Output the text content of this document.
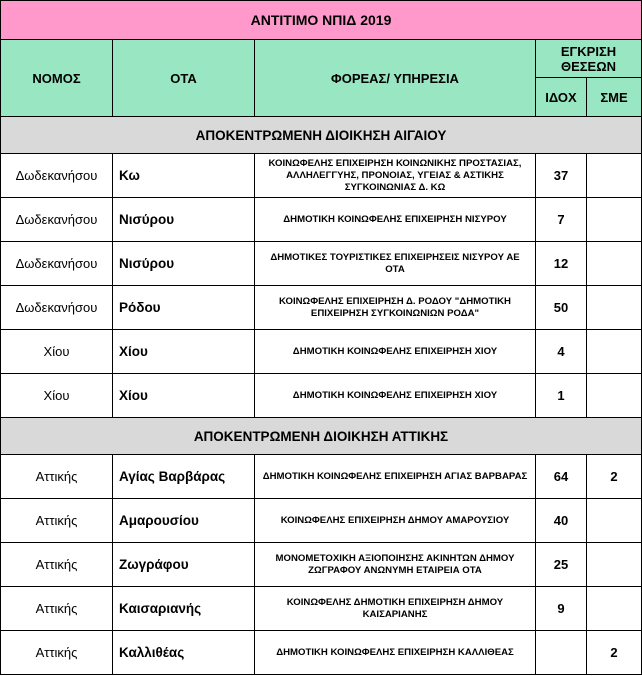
ΑΝΤΙΤΙΜΟ ΝΠΙΔ 2019				
ΝΟΜΟΣ	ΟΤΑ	ΦΟΡΕΑΣ/ ΥΠΗΡΕΣΙΑ	ΕΓΚΡΙΣΗ ΘΕΣΕΩΝ	
			ΙΔΟΧ	ΣΜΕ
ΑΠΟΚΕΝΤΡΩΜΕΝΗ ΔΙΟΙΚΗΣΗ ΑΙΓΑΙΟΥ				
Δωδεκανήσου	Κω	ΚΟΙΝΩΦΕΛΗΣ ΕΠΙΧΕΙΡΗΣΗ ΚΟΙΝΩΝΙΚΗΣ ΠΡΟΣΤΑΣΙΑΣ, ΑΛΛΗΛΕΓΓΥΗΣ, ΠΡΟΝΟΙΑΣ, ΥΓΕΙΑΣ & ΑΣΤΙΚΗΣ ΣΥΓΚΟΙΝΩΝΙΑΣ Δ. ΚΩ	37	
Δωδεκανήσου	Νισύρου	ΔΗΜΟΤΙΚΗ ΚΟΙΝΩΦΕΛΗΣ ΕΠΙΧΕΙΡΗΣΗ ΝΙΣΥΡΟΥ	7	
Δωδεκανήσου	Νισύρου	ΔΗΜΟΤΙΚΕΣ ΤΟΥΡΙΣΤΙΚΕΣ ΕΠΙΧΕΙΡΗΣΕΙΣ ΝΙΣΥΡΟΥ ΑΕ ΟΤΑ	12	
Δωδεκανήσου	Ρόδου	ΚΟΙΝΩΦΕΛΗΣ ΕΠΙΧΕΙΡΗΣΗ Δ. ΡΟΔΟΥ "ΔΗΜΟΤΙΚΗ ΕΠΙΧΕΙΡΗΣΗ ΣΥΓΚΟΙΝΩΝΙΩΝ ΡΟΔΑ"	50	
Χίου	Χίου	ΔΗΜΟΤΙΚΗ ΚΟΙΝΩΦΕΛΗΣ ΕΠΙΧΕΙΡΗΣΗ ΧΙΟΥ	4	
Χίου	Χίου	ΔΗΜΟΤΙΚΗ ΚΟΙΝΩΦΕΛΗΣ ΕΠΙΧΕΙΡΗΣΗ ΧΙΟΥ	1	
ΑΠΟΚΕΝΤΡΩΜΕΝΗ ΔΙΟΙΚΗΣΗ ΑΤΤΙΚΗΣ				
Αττικής	Αγίας Βαρβάρας	ΔΗΜΟΤΙΚΗ ΚΟΙΝΩΦΕΛΗΣ ΕΠΙΧΕΙΡΗΣΗ ΑΓΙΑΣ ΒΑΡΒΑΡΑΣ	64	2
Αττικής	Αμαρουσίου	ΚΟΙΝΩΦΕΛΗΣ ΕΠΙΧΕΙΡΗΣΗ ΔΗΜΟΥ ΑΜΑΡΟΥΣΙΟΥ	40	
Αττικής	Ζωγράφου	ΜΟΝΟΜΕΤΟΧΙΚΗ ΑΞΙΟΠΟΙΗΣΗΣ ΑΚΙΝΗΤΩΝ ΔΗΜΟΥ ΖΩΓΡΑΦΟΥ ΑΝΩΝΥΜΗ ΕΤΑΙΡΕΙΑ ΟΤΑ	25	
Αττικής	Καισαριανής	ΚΟΙΝΩΦΕΛΗΣ ΔΗΜΟΤΙΚΗ ΕΠΙΧΕΙΡΗΣΗ ΔΗΜΟΥ ΚΑΙΣΑΡΙΑΝΗΣ	9	
Αττικής	Καλλιθέας	ΔΗΜΟΤΙΚΗ ΚΟΙΝΩΦΕΛΗΣ ΕΠΙΧΕΙΡΗΣΗ ΚΑΛΛΙΘΕΑΣ		2
